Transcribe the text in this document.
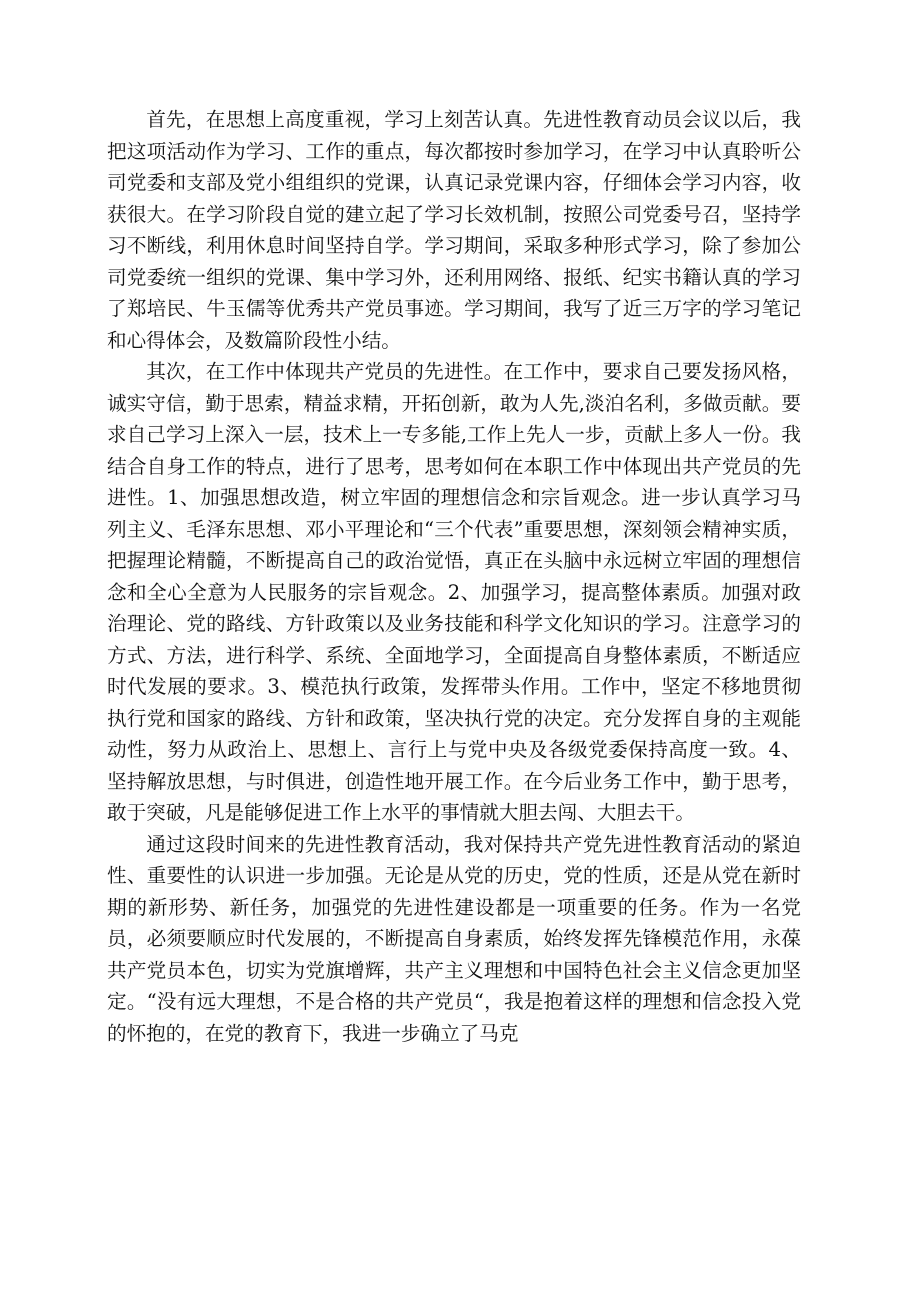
首先，在思想上高度重视，学习上刻苦认真。先进性教育动员会议以后，我把这项活动作为学习、工作的重点，每次都按时参加学习，在学习中认真聆听公司党委和支部及党小组组织的党课，认真记录党课内容，仔细体会学习内容，收获很大。在学习阶段自觉的建立起了学习长效机制，按照公司党委号召，坚持学习不断线，利用休息时间坚持自学。学习期间，采取多种形式学习，除了参加公司党委统一组织的党课、集中学习外，还利用网络、报纸、纪实书籍认真的学习了郑培民、牛玉儒等优秀共产党员事迹。学习期间，我写了近三万字的学习笔记和心得体会，及数篇阶段性小结。

其次，在工作中体现共产党员的先进性。在工作中，要求自己要发扬风格，诚实守信，勤于思索，精益求精，开拓创新，敢为人先,淡泊名利，多做贡献。要求自己学习上深入一层，技术上一专多能,工作上先人一步，贡献上多人一份。我结合自身工作的特点，进行了思考，思考如何在本职工作中体现出共产党员的先进性。1、加强思想改造，树立牢固的理想信念和宗旨观念。进一步认真学习马列主义、毛泽东思想、邓小平理论和“三个代表”重要思想，深刻领会精神实质，把握理论精髓，不断提高自己的政治觉悟，真正在头脑中永远树立牢固的理想信念和全心全意为人民服务的宗旨观念。2、加强学习，提高整体素质。加强对政治理论、党的路线、方针政策以及业务技能和科学文化知识的学习。注意学习的方式、方法，进行科学、系统、全面地学习，全面提高自身整体素质，不断适应时代发展的要求。3、模范执行政策，发挥带头作用。工作中，坚定不移地贯彻执行党和国家的路线、方针和政策，坚决执行党的决定。充分发挥自身的主观能动性，努力从政治上、思想上、言行上与党中央及各级党委保持高度一致。4、坚持解放思想，与时俱进，创造性地开展工作。在今后业务工作中，勤于思考，敢于突破，凡是能够促进工作上水平的事情就大胆去闯、大胆去干。

通过这段时间来的先进性教育活动，我对保持共产党先进性教育活动的紧迫性、重要性的认识进一步加强。无论是从党的历史，党的性质，还是从党在新时期的新形势、新任务，加强党的先进性建设都是一项重要的任务。作为一名党员，必须要顺应时代发展的，不断提高自身素质，始终发挥先锋模范作用，永葆共产党员本色，切实为党旗增辉，共产主义理想和中国特色社会主义信念更加坚定。“没有远大理想，不是合格的共产党员“，我是抱着这样的理想和信念投入党的怀抱的，在党的教育下，我进一步确立了马克
